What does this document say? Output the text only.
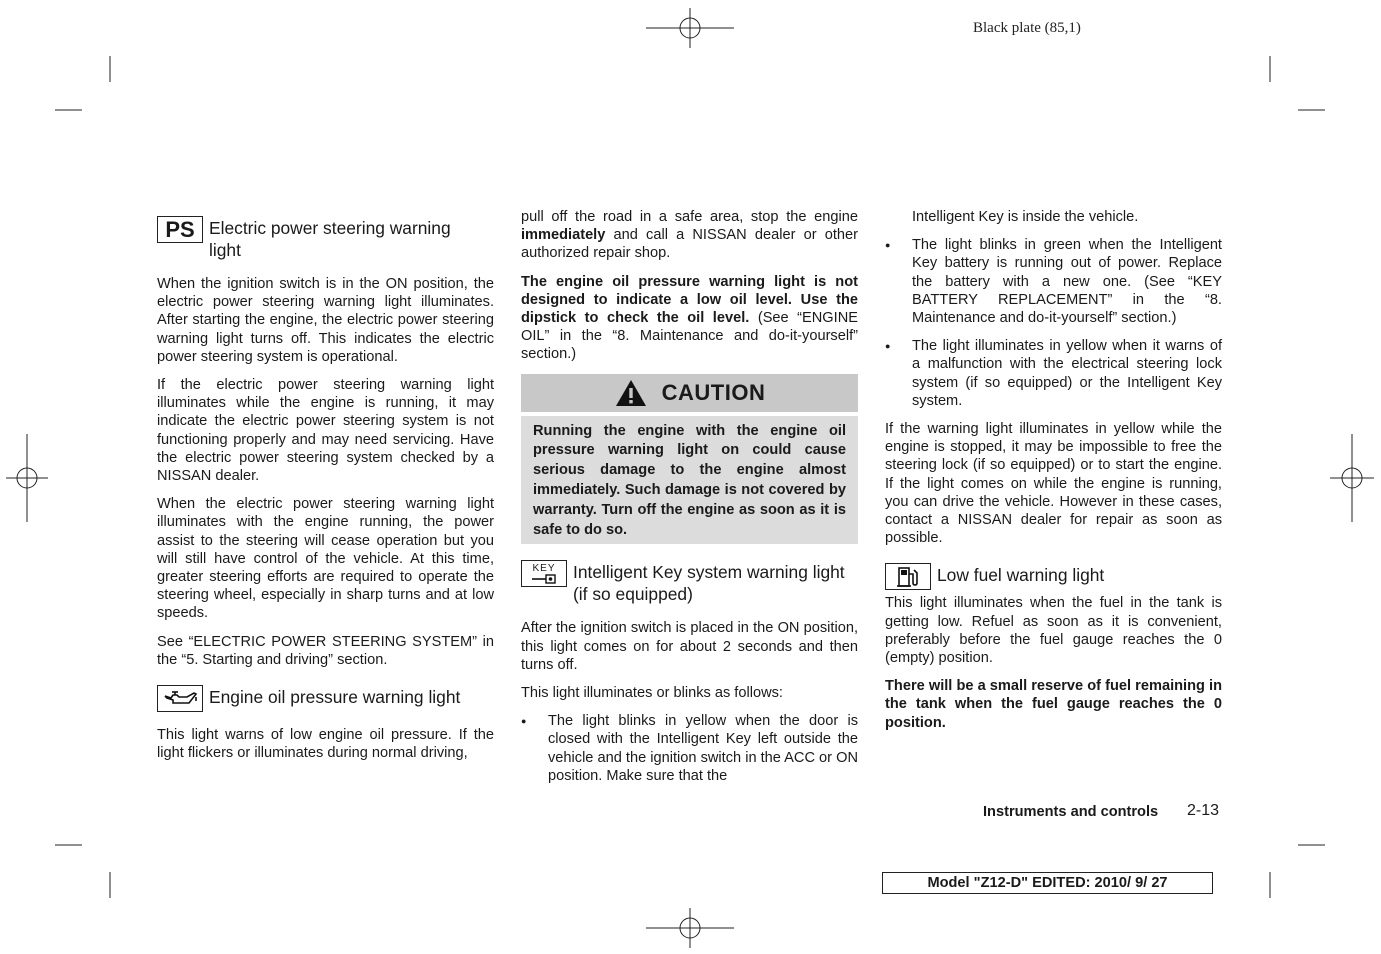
Black plate (85,1)
PS Electric power steering warning light

When the ignition switch is in the ON position, the electric power steering warning light illuminates. After starting the engine, the electric power steering warning light turns off. This indicates the electric power steering system is operational.

If the electric power steering warning light illuminates while the engine is running, it may indicate the electric power steering system is not functioning properly and may need servicing. Have the electric power steering system checked by a NISSAN dealer.

When the electric power steering warning light illuminates with the engine running, the power assist to the steering will cease operation but you will still have control of the vehicle. At this time, greater steering efforts are required to operate the steering wheel, especially in sharp turns and at low speeds.

See “ELECTRIC POWER STEERING SYSTEM” in the “5. Starting and driving” section.

Engine oil pressure warning light

This light warns of low engine oil pressure. If the light flickers or illuminates during normal driving,

pull off the road in a safe area, stop the engine immediately and call a NISSAN dealer or other authorized repair shop.

The engine oil pressure warning light is not designed to indicate a low oil level. Use the dipstick to check the oil level. (See “ENGINE OIL” in the “8. Maintenance and do-it-yourself” section.)

CAUTION
Running the engine with the engine oil pressure warning light on could cause serious damage to the engine almost immediately. Such damage is not covered by warranty. Turn off the engine as soon as it is safe to do so.
KEY Intelligent Key system warning light (if so equipped)

After the ignition switch is placed in the ON position, this light comes on for about 2 seconds and then turns off.

This light illuminates or blinks as follows:

● The light blinks in yellow when the door is closed with the Intelligent Key left outside the vehicle and the ignition switch in the ACC or ON position. Make sure that the

Intelligent Key is inside the vehicle.

● The light blinks in green when the Intelligent Key battery is running out of power. Replace the battery with a new one. (See “KEY BATTERY REPLACEMENT” in the “8. Maintenance and do-it-yourself” section.)
● The light illuminates in yellow when it warns of a malfunction with the electrical steering lock system (if so equipped) or the Intelligent Key system.

If the warning light illuminates in yellow while the engine is stopped, it may be impossible to free the steering lock (if so equipped) or to start the engine. If the light comes on while the engine is running, you can drive the vehicle. However in these cases, contact a NISSAN dealer for repair as soon as possible.

Low fuel warning light

This light illuminates when the fuel in the tank is getting low. Refuel as soon as it is convenient, preferably before the fuel gauge reaches the 0 (empty) position.

There will be a small reserve of fuel remaining in the tank when the fuel gauge reaches the 0 position.

Instruments and controls 2-13
Model "Z12-D" EDITED: 2010/ 9/ 27
